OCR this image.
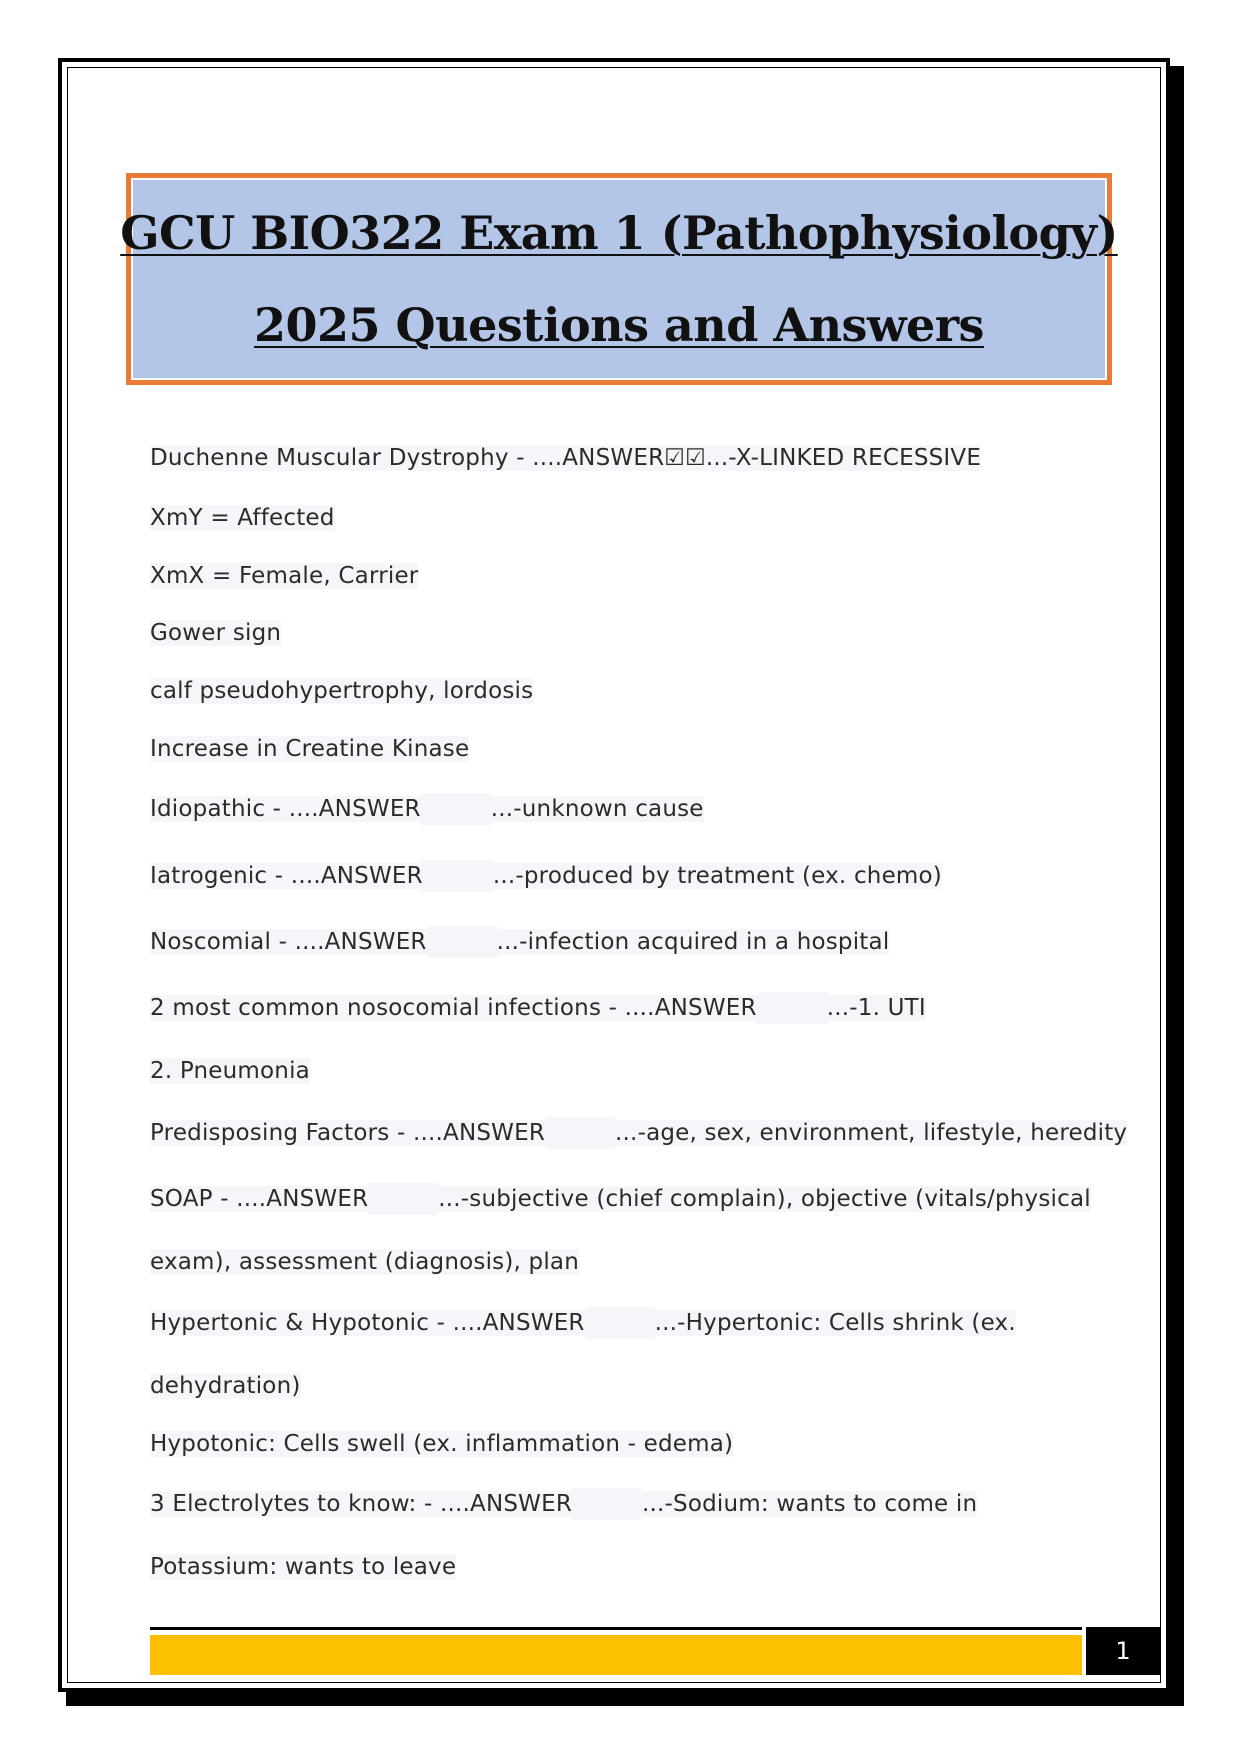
GCU BIO322 Exam 1 (Pathophysiology)
2025 Questions and Answers
Duchenne Muscular Dystrophy - ....ANSWER☑☑...-X-LINKED RECESSIVE
XmY = Affected
XmX = Female, Carrier
Gower sign
calf pseudohypertrophy, lordosis
Increase in Creatine Kinase
Idiopathic - ....ANSWER	...-unknown cause
Iatrogenic - ....ANSWER	...-produced by treatment (ex. chemo)
Noscomial - ....ANSWER	...-infection acquired in a hospital
2 most common nosocomial infections - ....ANSWER	...-1. UTI
2. Pneumonia
Predisposing Factors - ....ANSWER	...-age, sex, environment, lifestyle, heredity
SOAP - ....ANSWER	...-subjective (chief complain), objective (vitals/physical
exam), assessment (diagnosis), plan
Hypertonic & Hypotonic - ....ANSWER	...-Hypertonic: Cells shrink (ex.
dehydration)
Hypotonic: Cells swell (ex. inflammation - edema)
3 Electrolytes to know: - ....ANSWER	...-Sodium: wants to come in
Potassium: wants to leave
1
